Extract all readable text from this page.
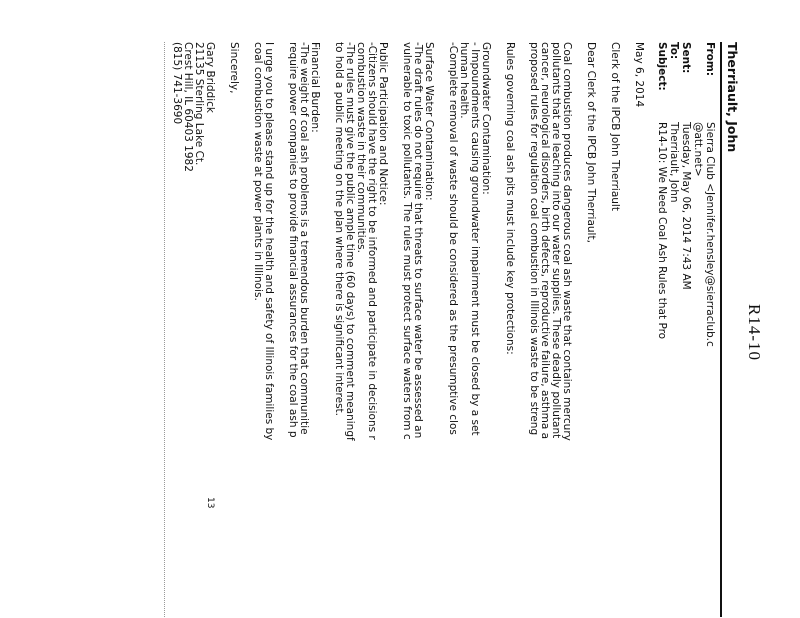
R14-10
Therriault, John
From:
Sierra Club <Jennifer.hensley@sierraclub.c
@att.net>
Sent:
Tuesday, May 06, 2014 7:43 AM
To:
Therriault, John
Subject:
R14-10: We Need Coal Ash Rules that Pro
May 6, 2014
Clerk of the IPCB John Therriault
Dear Clerk of the IPCB John Therriault,
Coal combustion produces dangerous coal ash waste that contains mercury
pollutants that are leaching into our water supplies. These deadly pollutant
cancer, neurological disorders, birth defects, reproductive failure, asthma a
proposed rules for regulation coal combustion in Illinois waste to be streng
Rules governing coal ash pits must include key protections:
Groundwater Contamination:
- Impoundments causing groundwater impairment must be closed by a set
human health.
-Complete removal of waste should be considered as the presumptive clos
Surface Water Contamination:
-The draft rules do not require that threats to surface water be assessed an
vulnerable to toxic pollutants. The rules must protect surface waters from c
Public Participation and Notice:
-Citizens should have the right to be informed and participate in decisions r
combustion waste in their communities.
-The rules must give the public ample time (60 days) to comment meaningf
to hold a public meeting on the plan where there is significant interest.
Financial Burden:
-The weight of coal ash problems is a tremendous burden that communitie
require power companies to provide financial assurances for the coal ash p
I urge you to please stand up for the health and safety of Illinois families by
coal combustion waste at power plants in Illinois.
Sincerely,
Gary Briddick
21135 Sterling Lake Ct.
Crest Hill, IL 60403 1982
(815) 741-3690
13
